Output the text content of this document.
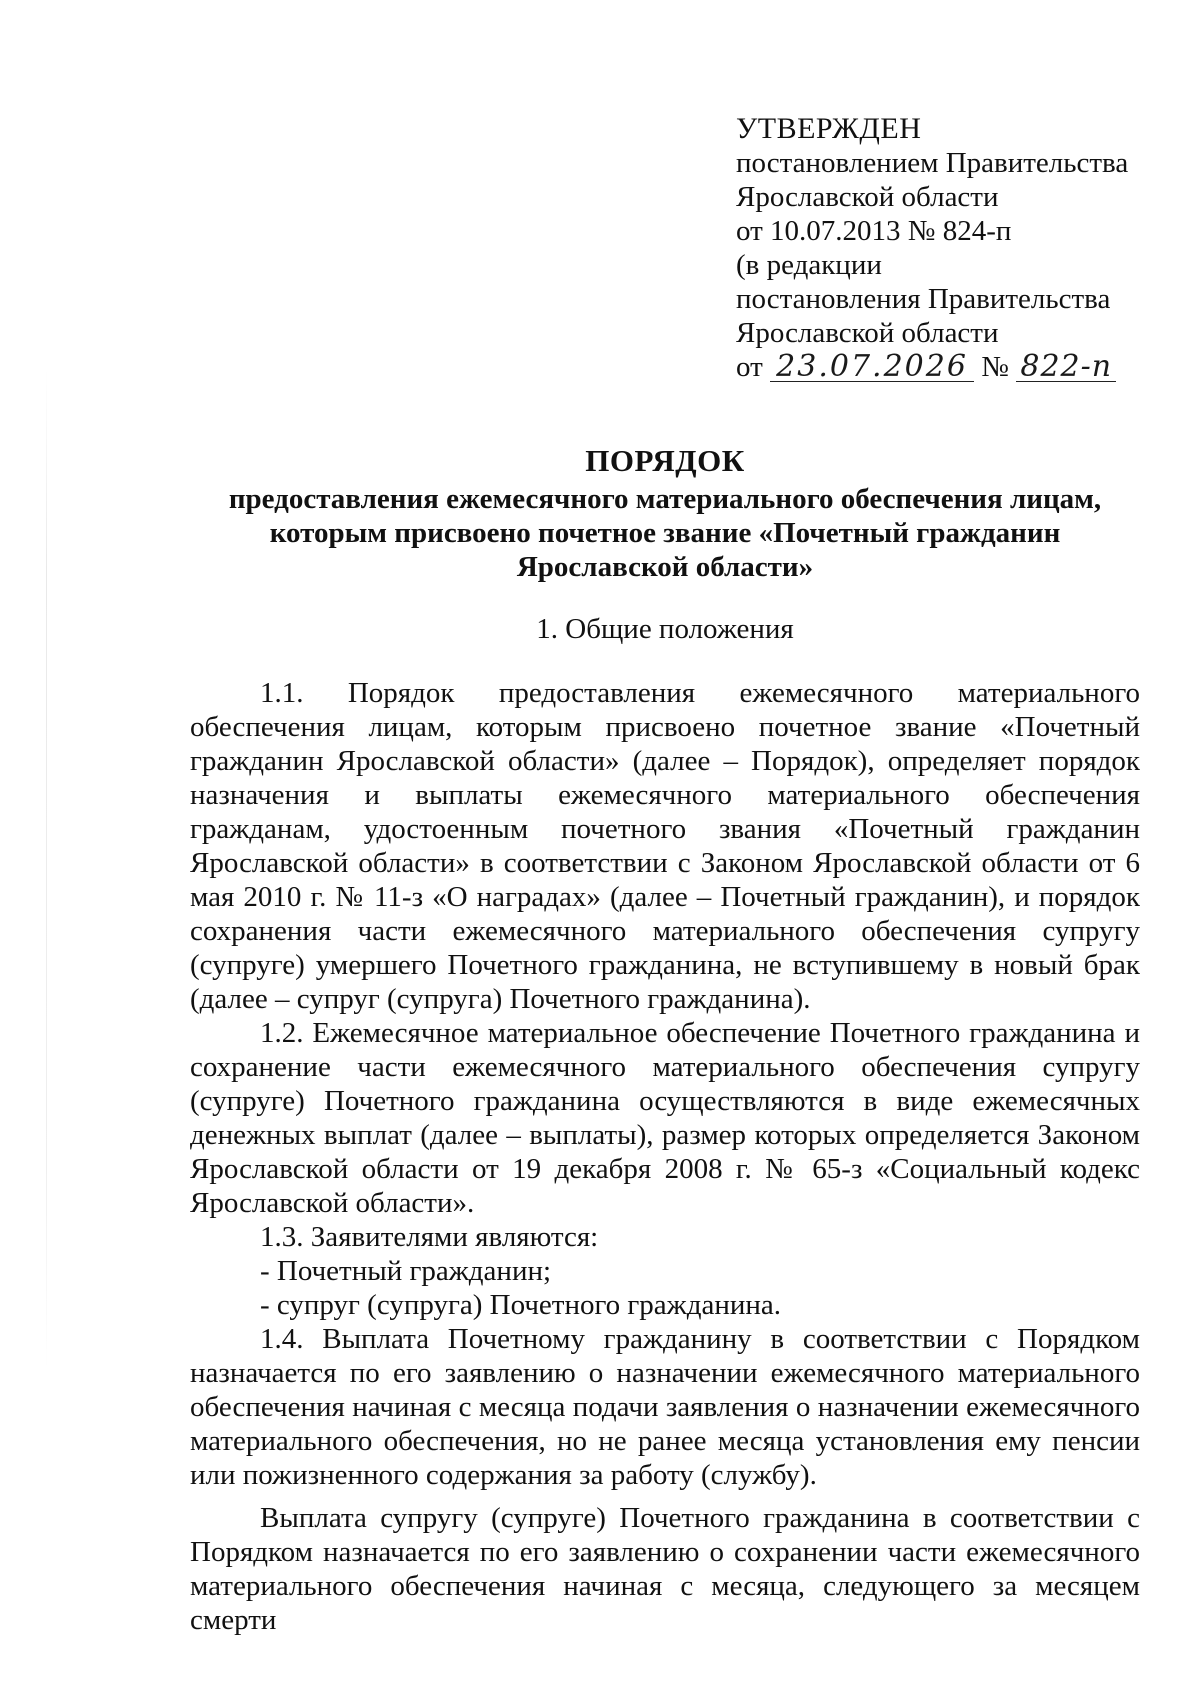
УТВЕРЖДЕН
постановлением Правительства
Ярославской области
от 10.07.2013 № 824-п
(в редакции
постановления Правительства
Ярославской области
от 23.07.2026 № 822-п
ПОРЯДОК
предоставления ежемесячного материального обеспечения лицам,
которым присвоено почетное звание «Почетный гражданин
Ярославской области»
1. Общие положения

1.1. Порядок предоставления ежемесячного материального обеспечения лицам, которым присвоено почетное звание «Почетный гражданин Ярославской области» (далее – Порядок), определяет порядок назначения и выплаты ежемесячного материального обеспечения гражданам, удостоенным почетного звания «Почетный гражданин Ярославской области» в соответствии с Законом Ярославской области от 6 мая 2010 г. № 11-з «О наградах» (далее – Почетный гражданин), и порядок сохранения части ежемесячного материального обеспечения супругу (супруге) умершего Почетного гражданина, не вступившему в новый брак (далее – супруг (супруга) Почетного гражданина).

1.2. Ежемесячное материальное обеспечение Почетного гражданина и сохранение части ежемесячного материального обеспечения супругу (супруге) Почетного гражданина осуществляются в виде ежемесячных денежных выплат (далее – выплаты), размер которых определяется Законом Ярославской области от 19 декабря 2008 г. № 65-з «Социальный кодекс Ярославской области».

1.3. Заявителями являются:

- Почетный гражданин;

- супруг (супруга) Почетного гражданина.

1.4. Выплата Почетному гражданину в соответствии с Порядком назначается по его заявлению о назначении ежемесячного материального обеспечения начиная с месяца подачи заявления о назначении ежемесячного материального обеспечения, но не ранее месяца установления ему пенсии или пожизненного содержания за работу (службу).

Выплата супругу (супруге) Почетного гражданина в соответствии с Порядком назначается по его заявлению о сохранении части ежемесячного материального обеспечения начиная с месяца, следующего за месяцем смерти
